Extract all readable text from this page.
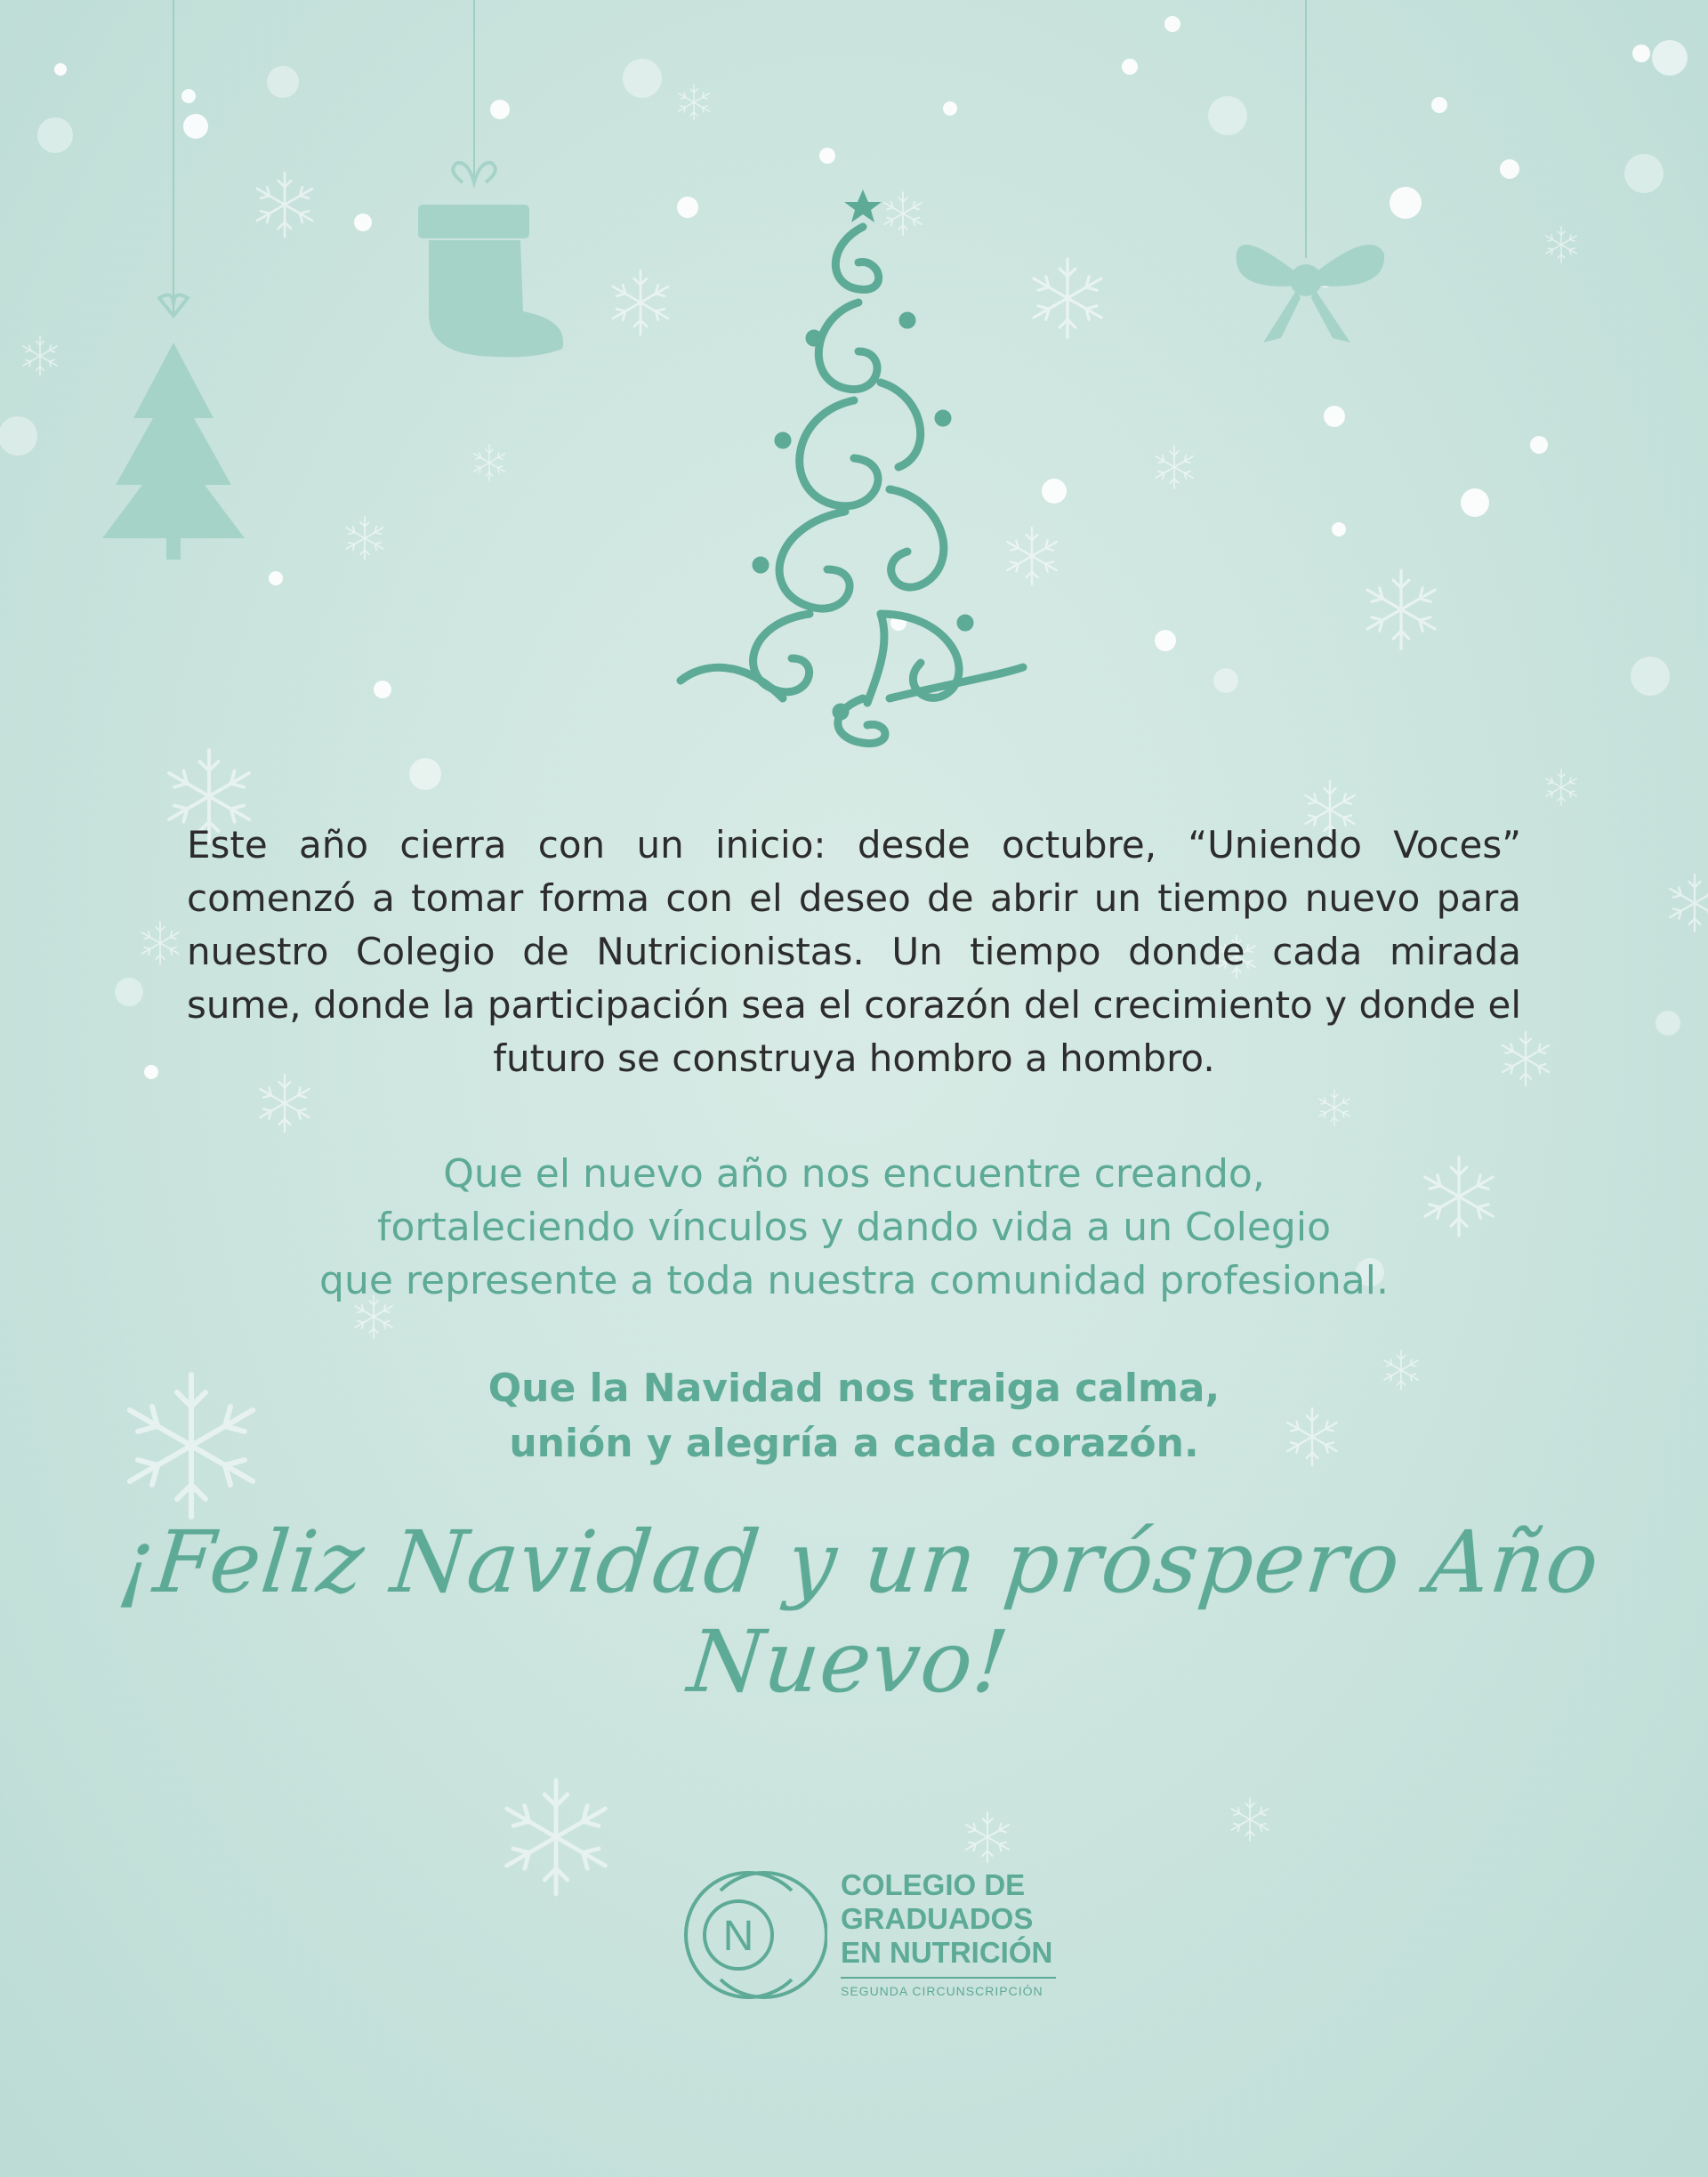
Este año cierra con un inicio: desde octubre, “Uniendo Voces” comenzó a tomar forma con el deseo de abrir un tiempo nuevo para nuestro Colegio de Nutricionistas. Un tiempo donde cada mirada sume, donde la participación sea el corazón del crecimiento y donde el futuro se construya hombro a hombro.
Que el nuevo año nos encuentre creando,
fortaleciendo vínculos y dando vida a un Colegio
que represente a toda nuestra comunidad profesional.
Que la Navidad nos traiga calma,
unión y alegría a cada corazón.
¡Feliz Navidad y un próspero Año Nuevo!
N
COLEGIO DE
GRADUADOS
EN NUTRICIÓN
SEGUNDA CIRCUNSCRIPCIÓN
